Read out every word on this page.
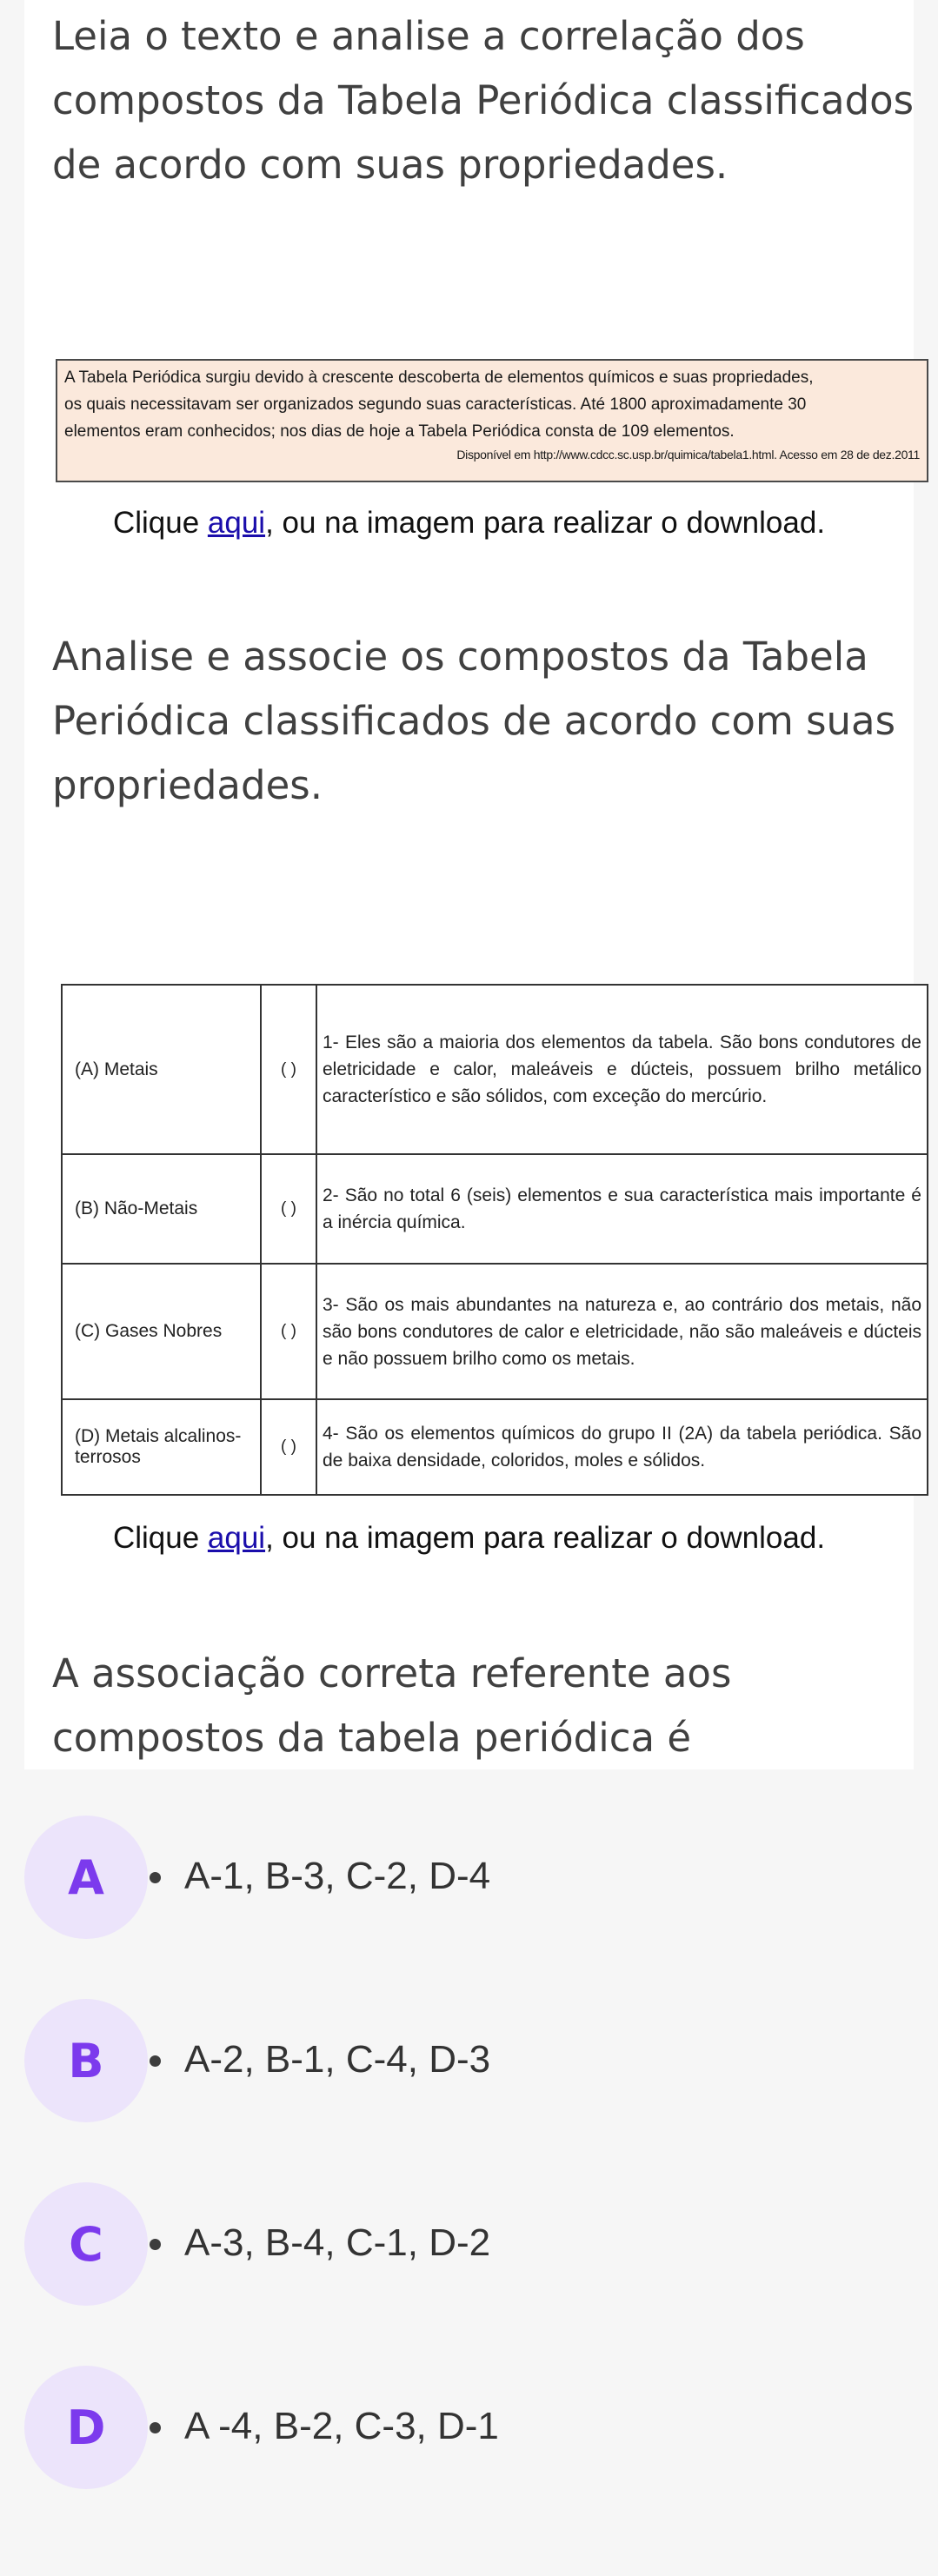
Leia o texto e analise a correlação dos
compostos da Tabela Periódica classificados
de acordo com suas propriedades.

A Tabela Periódica surgiu devido à crescente descoberta de elementos químicos e suas propriedades,

os quais necessitavam ser organizados segundo suas características. Até 1800 aproximadamente 30

elementos eram conhecidos; nos dias de hoje a Tabela Periódica consta de 109 elementos.

Disponível em http://www.cdcc.sc.usp.br/quimica/tabela1.html. Acesso em 28 de dez.2011

Clique aqui, ou na imagem para realizar o download.

Analise e associe os compostos da Tabela
Periódica classificados de acordo com suas
propriedades.
(A) Metais	( )	1- Eles são a maioria dos elementos da tabela. São bons condutores de eletricidade e calor, maleáveis e dúcteis, possuem brilho metálico característico e são sólidos, com exceção do mercúrio.
(B) Não-Metais	( )	2- São no total 6 (seis) elementos e sua característica mais importante é a inércia química.
(C) Gases Nobres	( )	3- São os mais abundantes na natureza e, ao contrário dos metais, não são bons condutores de calor e eletricidade, não são maleáveis e dúcteis e não possuem brilho como os metais.
(D) Metais alcalinos-terrosos	( )	4- São os elementos químicos do grupo II (2A) da tabela periódica. São de baixa densidade, coloridos, moles e sólidos.

Clique aqui, ou na imagem para realizar o download.

A associação correta referente aos
compostos da tabela periódica é
A	A-1, B-3, C-2, D-4
B	A-2, B-1, C-4, D-3
C	A-3, B-4, C-1, D-2
D	A -4, B-2, C-3, D-1
